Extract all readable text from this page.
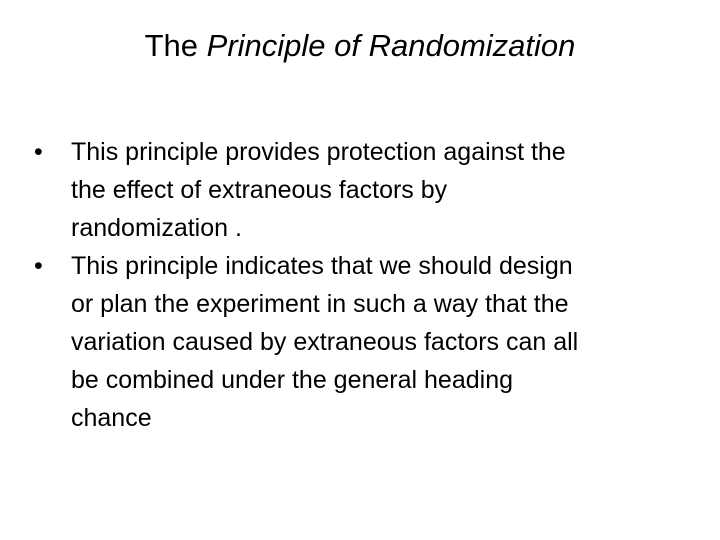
The Principle of Randomization
•	This principle provides protection against the
the effect of extraneous factors by
randomization .
•	This principle indicates that we should design
or plan the experiment in such a way that the
variation caused by extraneous factors can all
be combined under the general heading
chance
